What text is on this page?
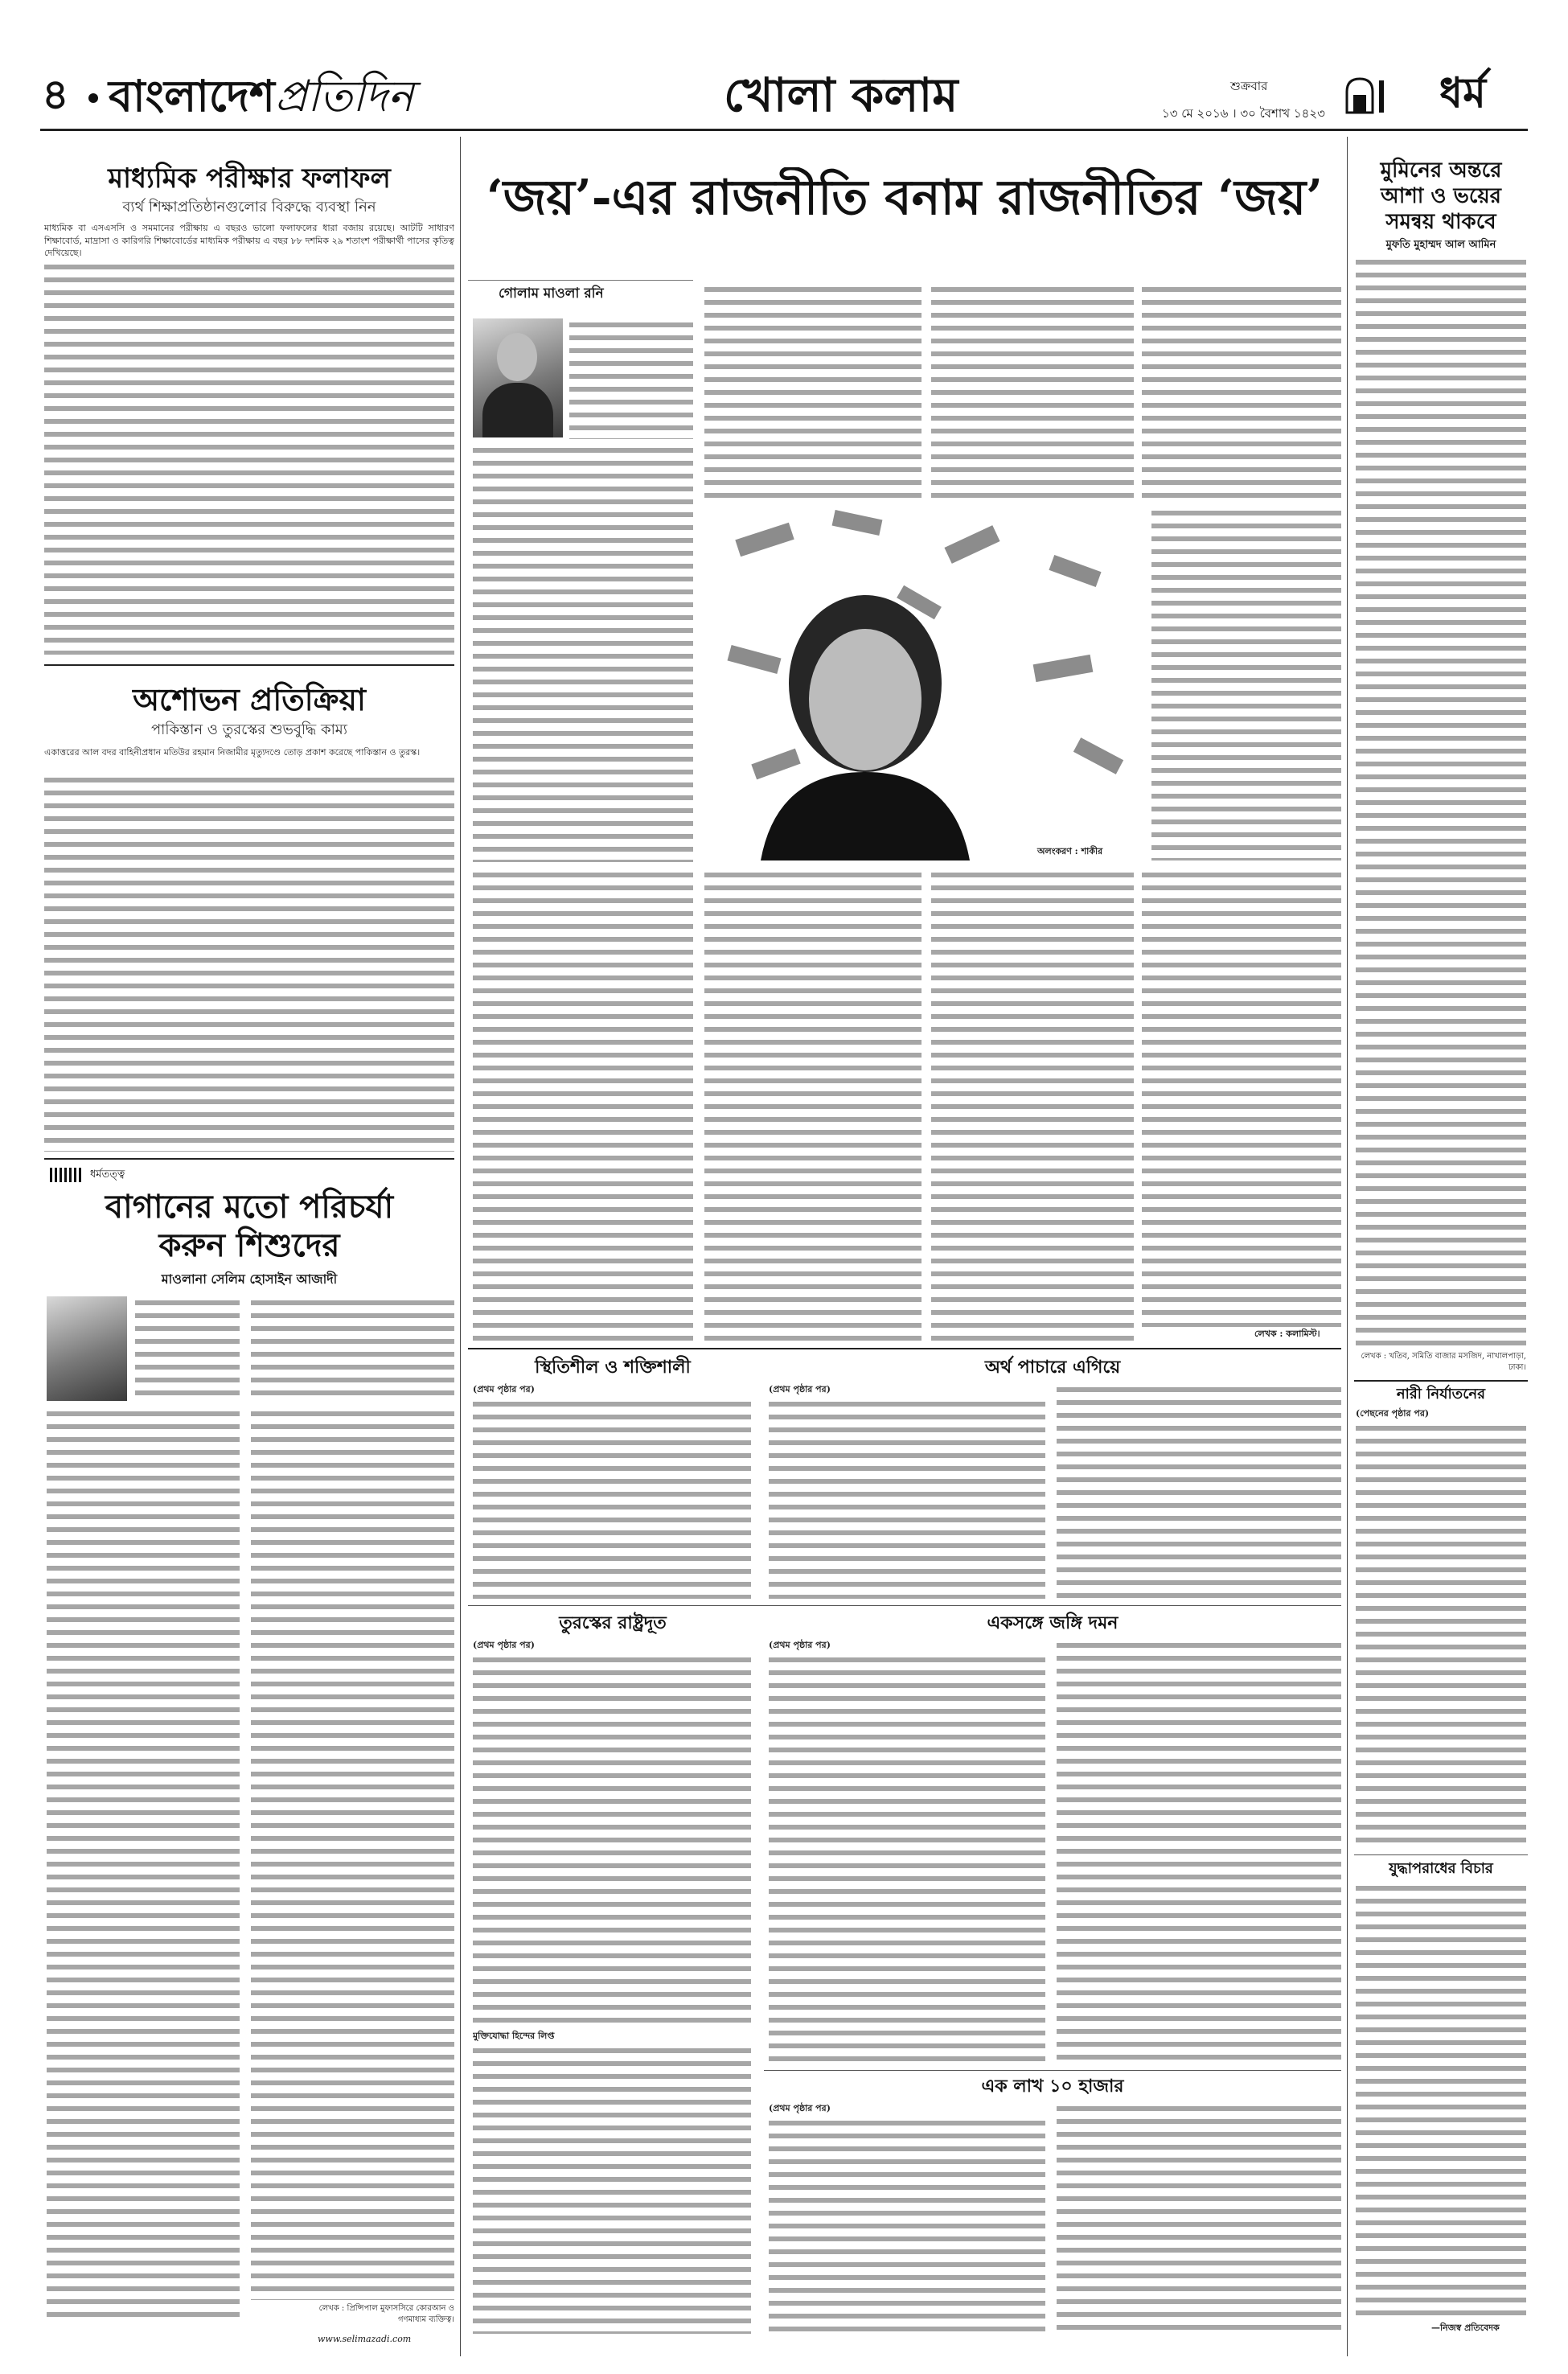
৪ বাংলাদেশপ্রতিদিন	খোলা কলাম	শুক্রবার
১৩ মে ২০১৬ । ৩০ বৈশাখ ১৪২৩	ধর্ম
মাধ্যমিক পরীক্ষার ফলাফল
ব্যর্থ শিক্ষাপ্রতিষ্ঠানগুলোর বিরুদ্ধে ব্যবস্থা নিন
মাধ্যমিক বা এসএসসি ও সমমানের পরীক্ষায় এ বছরও ভালো ফলাফলের ধারা বজায় রয়েছে। আটটি সাধারণ শিক্ষাবোর্ড, মাদ্রাসা ও কারিগরি শিক্ষাবোর্ডের মাধ্যমিক পরীক্ষায় এ বছর ৮৮ দশমিক ২৯ শতাংশ পরীক্ষার্থী পাসের কৃতিত্ব দেখিয়েছে।
অশোভন প্রতিক্রিয়া
পাকিস্তান ও তুরস্কের শুভবুদ্ধি কাম্য
একাত্তরের আল বদর বাহিনীপ্রধান মতিউর রহমান নিজামীর মৃত্যুদণ্ডে তোড় প্রকাশ করেছে পাকিস্তান ও তুরস্ক।
ধর্মতত্ত্ব
বাগানের মতো পরিচর্যা
করুন শিশুদের
মাওলানা সেলিম হোসাইন আজাদী
লেখক : প্রিন্সিপাল মুফাসসিরে কোরআন ও গণমাধ্যম ব্যক্তিত্ব।
www.selimazadi.com
‘জয়’-এর রাজনীতি বনাম রাজনীতির ‘জয়’
গোলাম মাওলা রনি
অলংকরণ : শাকীর
লেখক : কলামিস্ট।
স্থিতিশীল ও শক্তিশালী
(প্রথম পৃষ্ঠার পর)
অর্থ পাচারে এগিয়ে
(প্রথম পৃষ্ঠার পর)
তুরস্কের রাষ্ট্রদূত
(প্রথম পৃষ্ঠার পর)
একসঙ্গে জঙ্গি দমন
(প্রথম পৃষ্ঠার পর)
মুক্তিযোদ্ধা হিন্দের লিপ্ত
এক লাখ ১০ হাজার
(প্রথম পৃষ্ঠার পর)
মুমিনের অন্তরে
আশা ও ভয়ের
সমন্বয় থাকবে
মুফতি মুহাম্মদ আল আমিন
লেখক : খতিব, সমিতি বাজার মসজিদ, নাখালপাড়া, ঢাকা।
নারী নির্যাতনের
(পেছনের পৃষ্ঠার পর)
যুদ্ধাপরাধের বিচার
—নিজস্ব প্রতিবেদক
